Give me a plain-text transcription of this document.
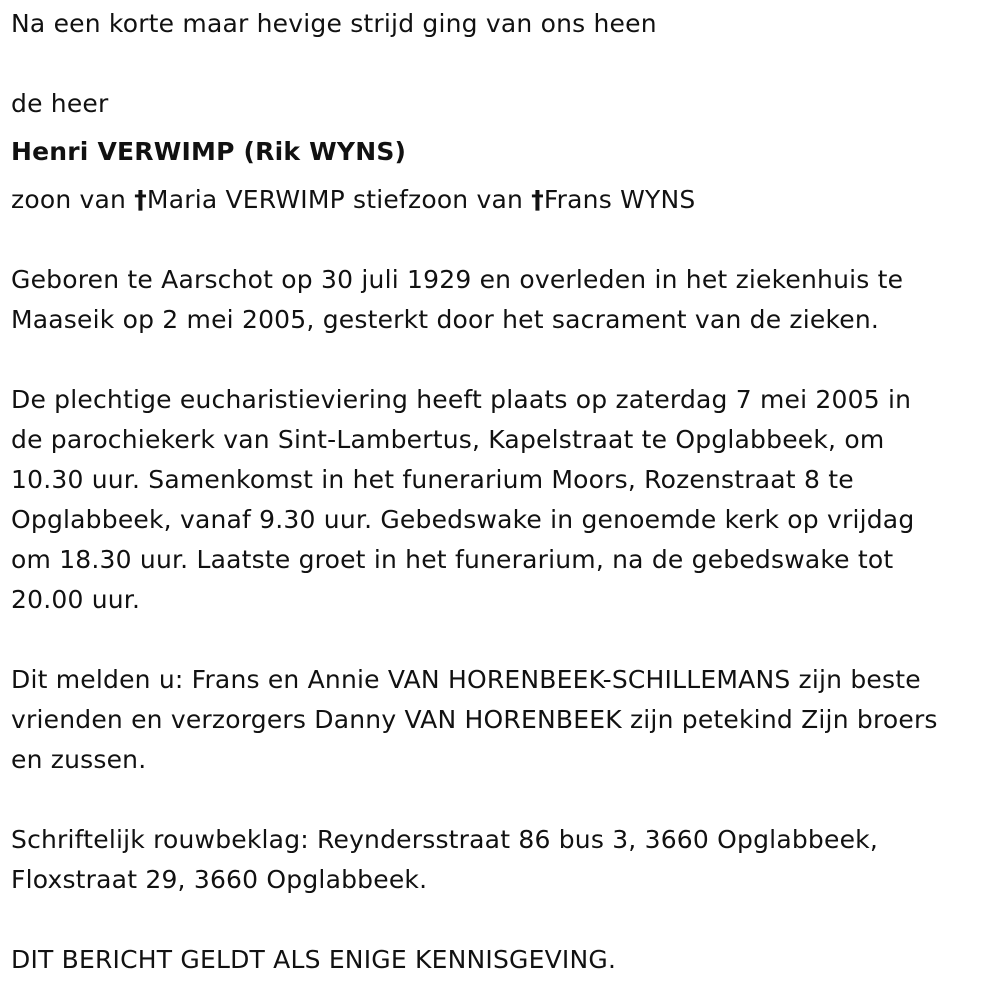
Na een korte maar hevige strijd ging van ons heen
de heer
Henri VERWIMP (Rik WYNS)
zoon van †Maria VERWIMP stiefzoon van †Frans WYNS
Geboren te Aarschot op 30 juli 1929 en overleden in het ziekenhuis te
Maaseik op 2 mei 2005, gesterkt door het sacrament van de zieken.
De plechtige eucharistieviering heeft plaats op zaterdag 7 mei 2005 in
de parochiekerk van Sint-Lambertus, Kapelstraat te Opglabbeek, om
10.30 uur. Samenkomst in het funerarium Moors, Rozenstraat 8 te
Opglabbeek, vanaf 9.30 uur. Gebedswake in genoemde kerk op vrijdag
om 18.30 uur. Laatste groet in het funerarium, na de gebedswake tot
20.00 uur.
Dit melden u: Frans en Annie VAN HORENBEEK-SCHILLEMANS zijn beste
vrienden en verzorgers Danny VAN HORENBEEK zijn petekind Zijn broers
en zussen.
Schriftelijk rouwbeklag: Reyndersstraat 86 bus 3, 3660 Opglabbeek,
Floxstraat 29, 3660 Opglabbeek.
DIT BERICHT GELDT ALS ENIGE KENNISGEVING.
